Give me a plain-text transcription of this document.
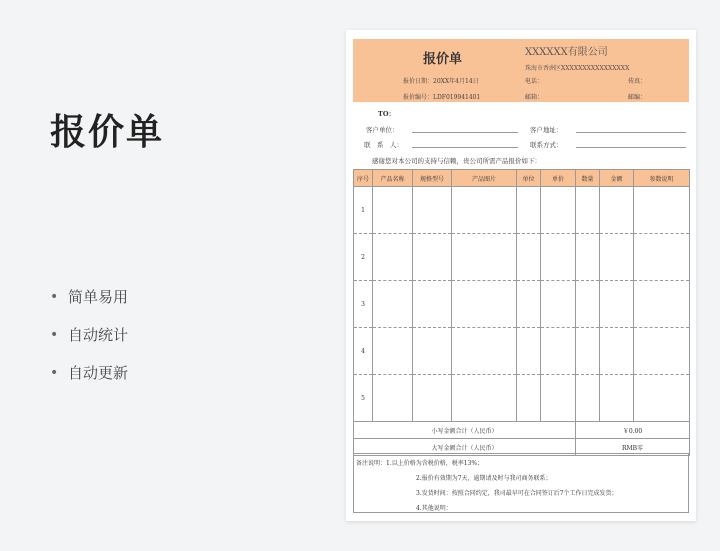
报价单
• 简单易用
• 自动统计
• 自动更新
报价单	XXXXXX有限公司
珠海市香洲区XXXXXXXXXXXXXXXX
报价日期：20XX年4月14日
报价编号：LDF019941401
电话：	传真：
邮箱：	邮编：
TO：
客户单位：	客户地址：
联　系　人：	联系方式：
感谢您对本公司的支持与信赖，贵公司所需产品报价如下：
序号	产品名称	规格型号	产品图片	单位	单价	数量	金额	参数说明
1								
2								
3								
4								
5								
小写金额合计（人民币）						￥0.00		
大写金额合计（人民币）						RMB零		
备注说明：1.以上价格为含税价格，税率13%；
2.报价有效期为7天，逾期请及时与我司商务联系；
3.发货时间：按照合同约定，我司最早可在合同签订后7个工作日完成发货；
4.其他说明：
